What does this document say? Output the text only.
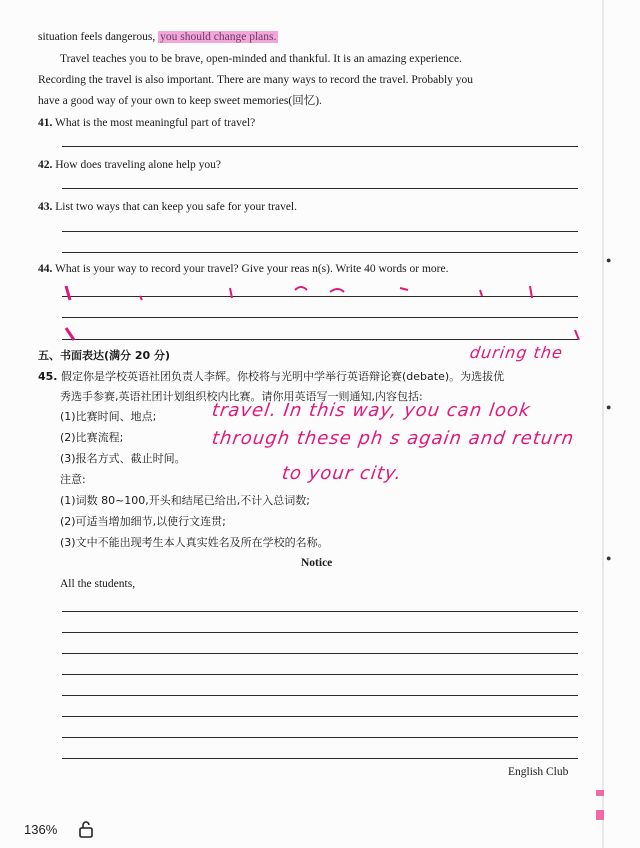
situation feels dangerous, you should change plans.
Travel teaches you to be brave, open-minded and thankful. It is an amazing experience.
Recording the travel is also important. There are many ways to record the travel. Probably you
have a good way of your own to keep sweet memories(回忆).
41. What is the most meaningful part of travel?
42. How does traveling alone help you?
43. List two ways that can keep you safe for your travel.
44. What is your way to record your travel? Give your reas n(s). Write 40 words or more.
五、书面表达(满分 20 分)
45. 假定你是学校英语社团负责人李辉。你校将与光明中学举行英语辩论赛(debate)。为选拔优
秀选手参赛,英语社团计划组织校内比赛。请你用英语写一则通知,内容包括:
(1)比赛时间、地点;
(2)比赛流程;
(3)报名方式、截止时间。
注意:
(1)词数 80~100,开头和结尾已给出,不计入总词数;
(2)可适当增加细节,以使行文连贯;
(3)文中不能出现考生本人真实姓名及所在学校的名称。
Notice
All the students,
English Club
during the
travel. In this way, you can look
through these ph s again and return
to your city.
●
●
●
136%
